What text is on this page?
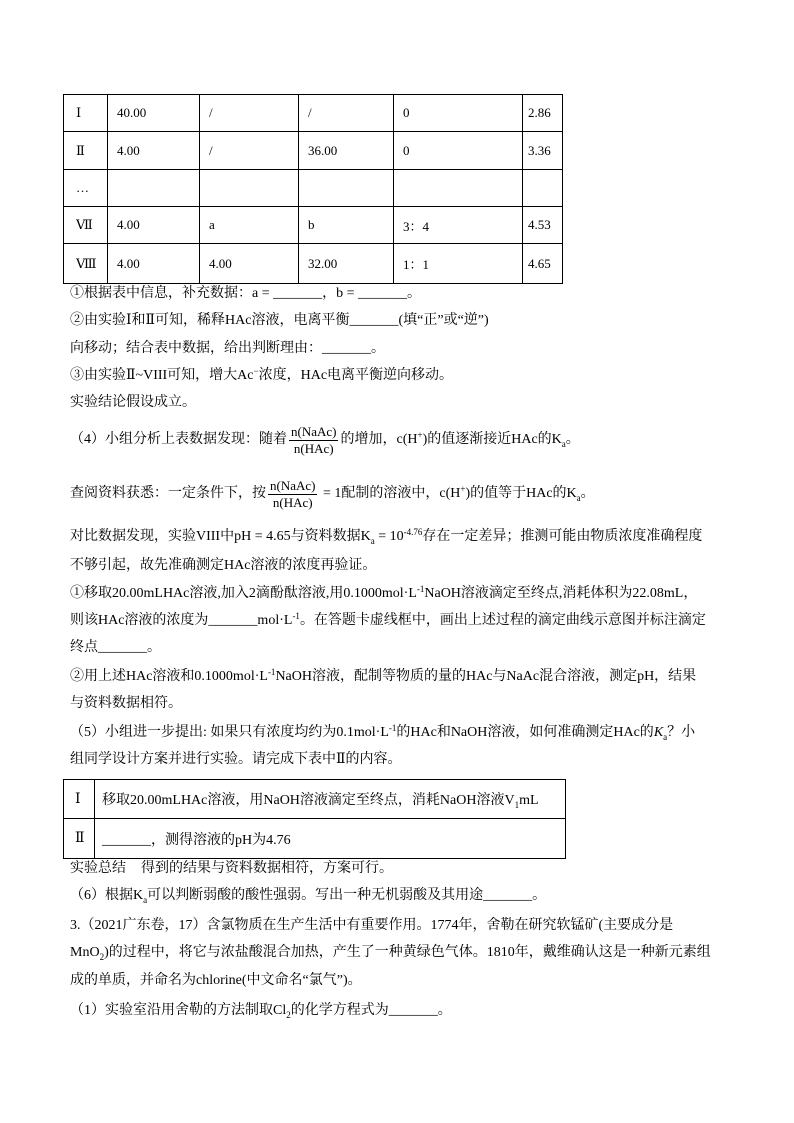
Ⅰ	40.00	/	/	0	2.86
Ⅱ	4.00	/	36.00	0	3.36
…					
Ⅶ	4.00	a	b	3：4	4.53
Ⅷ	4.00	4.00	32.00	1：1	4.65
①根据表中信息，补充数据：a = _______，b = _______。
②由实验Ⅰ和Ⅱ可知，稀释HAc溶液，电离平衡_______(填“正”或“逆”)
向移动；结合表中数据，给出判断理由：_______。
③由实验Ⅱ~VIII可知，增大Ac − 浓度，HAc电离平衡逆向移动。
实验结论假设成立。
（4）小组分析上表数据发现：随着 $\frac{\text{n(NaAc)}}{\text{n(HAc)}}$ 的增加，c(H + )的值逐渐接近HAc的K a 。
查阅资料获悉：一定条件下，按 $\frac{\text{n(NaAc)}}{\text{n(HAc)}} = 1$配制的溶液中，c(H + )的值等于HAc的K a 。
对比数据发现，实验VIII中pH = 4.65与资料数据K a = 10 -4.76 存在一定差异；推测可能由物质浓度准确程度
不够引起，故先准确测定HAc溶液的浓度再验证。
①移取20.00mLHAc溶液,加入2滴酚酞溶液,用0.1000mol·L -1 NaOH溶液滴定至终点,消耗体积为22.08mL，
则该HAc溶液的浓度为_______mol·L -1 。在答题卡虚线框中，画出上述过程的滴定曲线示意图并标注滴定
终点_______。
②用上述HAc溶液和0.1000mol·L -1 NaOH溶液，配制等物质的量的HAc与NaAc混合溶液，测定pH，结果
与资料数据相符。
（5）小组进一步提出: 如果只有浓度均约为0.1mol·L -1 的HAc和NaOH溶液，如何准确测定HAc的 K a ？小
组同学设计方案并进行实验。请完成下表中Ⅱ的内容。
Ⅰ	移取20.00mLHAc溶液，用NaOH溶液滴定至终点，消耗NaOH溶液$V_1mL$
Ⅱ	_______，测得溶液的pH为4.76
实验总结 得到的结果与资料数据相符，方案可行。
（6）根据K a 可以判断弱酸的酸性强弱。写出一种无机弱酸及其用途_______。
3.（2021广东卷，17）含氯物质在生产生活中有重要作用。1774年，舍勒在研究软锰矿(主要成分是
MnO 2 )的过程中，将它与浓盐酸混合加热，产生了一种黄绿色气体。1810年，戴维确认这是一种新元素组
成的单质，并命名为chlorine(中文命名“氯气”)。
（1）实验室沿用舍勒的方法制取Cl 2 的化学方程式为_______。
